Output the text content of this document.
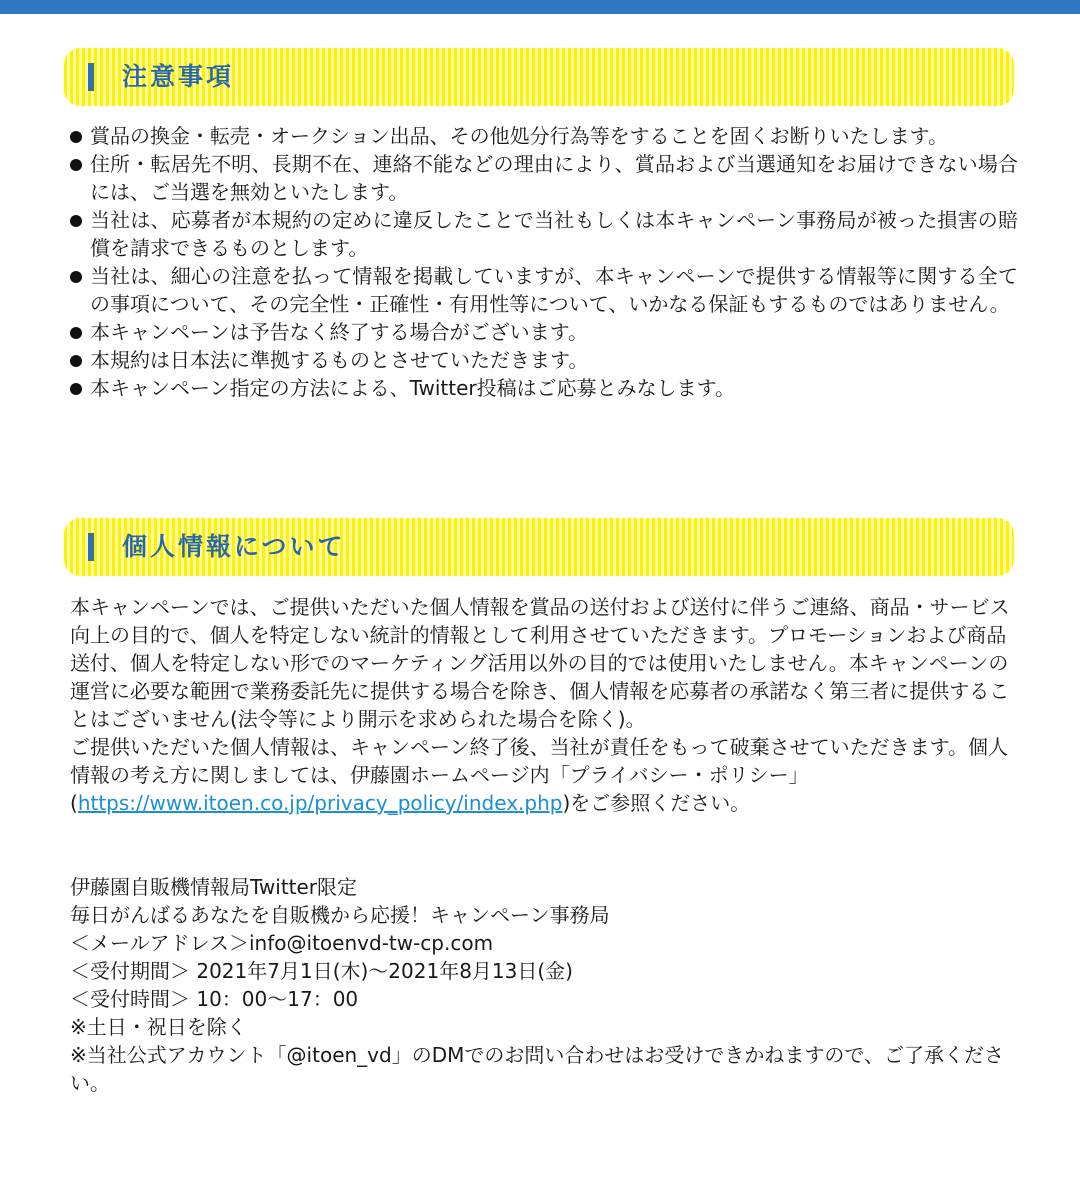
注意事項
賞品の換金・転売・オークション出品、その他処分行為等をすることを固くお断りいたします。
住所・転居先不明、長期不在、連絡不能などの理由により、賞品および当選通知をお届けできない場合には、ご当選を無効といたします。
当社は、応募者が本規約の定めに違反したことで当社もしくは本キャンペーン事務局が被った損害の賠償を請求できるものとします。
当社は、細心の注意を払って情報を掲載していますが、本キャンペーンで提供する情報等に関する全ての事項について、その完全性・正確性・有用性等について、いかなる保証もするものではありません。
本キャンペーンは予告なく終了する場合がございます。
本規約は日本法に準拠するものとさせていただきます。
本キャンペーン指定の方法による、Twitter投稿はご応募とみなします。
個人情報について

本キャンペーンでは、ご提供いただいた個人情報を賞品の送付および送付に伴うご連絡、商品・サービス向上の目的で、個人を特定しない統計的情報として利用させていただきます。プロモーションおよび商品送付、個人を特定しない形でのマーケティング活用以外の目的では使用いたしません。本キャンペーンの運営に必要な範囲で業務委託先に提供する場合を除き、個人情報を応募者の承諾なく第三者に提供することはございません(法令等により開示を求められた場合を除く)。

ご提供いただいた個人情報は、キャンペーン終了後、当社が責任をもって破棄させていただきます。個人情報の考え方に関しましては、伊藤園ホームページ内「プライバシー・ポリシー」(https://www.itoen.co.jp/privacy_policy/index.php)をご参照ください。

伊藤園自販機情報局Twitter限定

毎日がんばるあなたを自販機から応援！キャンペーン事務局

＜メールアドレス＞info@itoenvd-tw-cp.com

＜受付期間＞ 2021年7月1日(木)〜2021年8月13日(金)

＜受付時間＞ 10：00〜17：00

※土日・祝日を除く

※当社公式アカウント「@itoen_vd」のDMでのお問い合わせはお受けできかねますので、ご了承ください。
